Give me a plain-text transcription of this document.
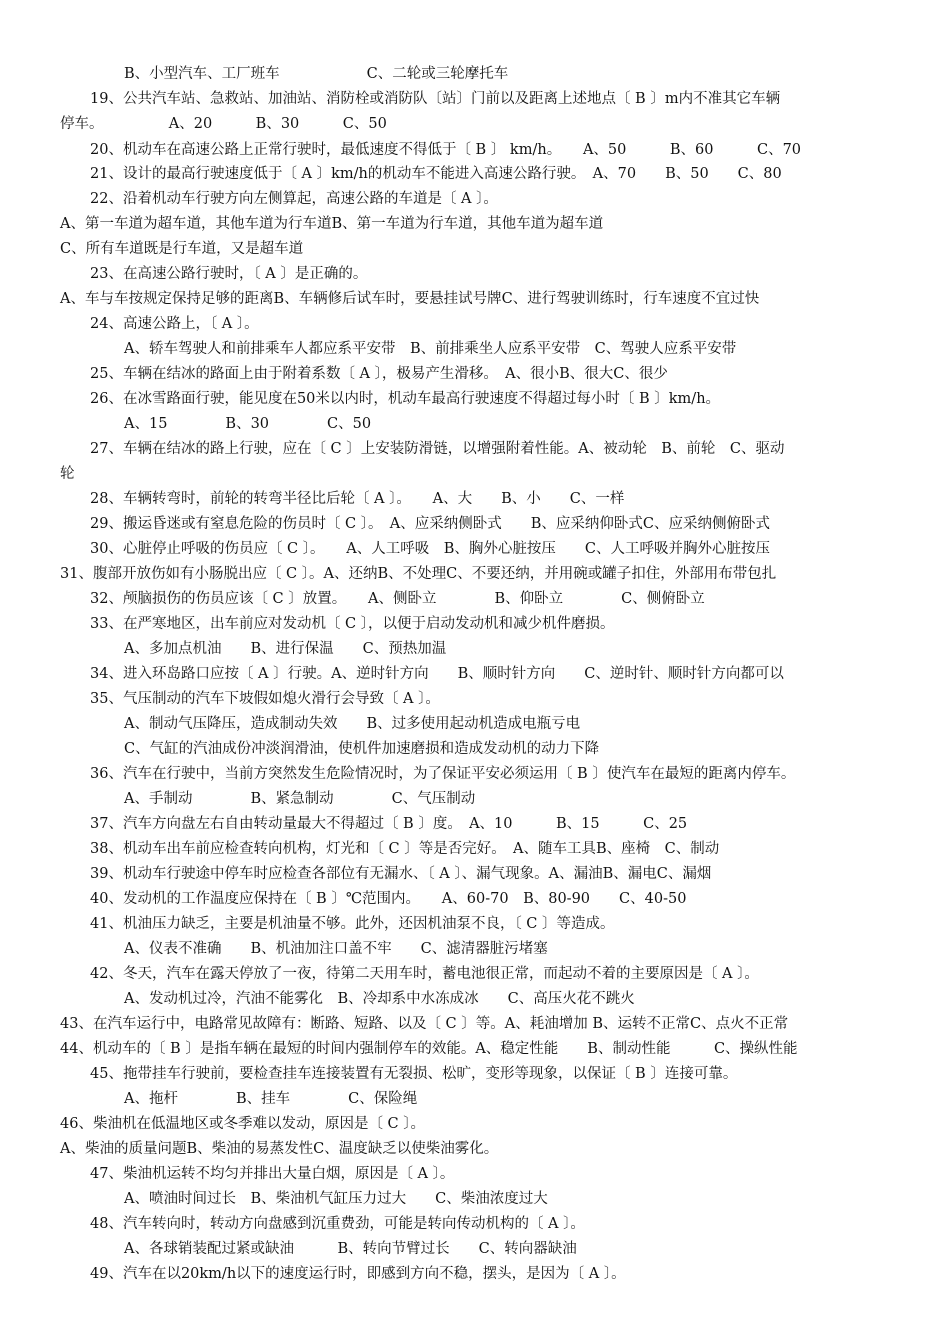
B、小型汽车、工厂班车　　　　　　C、二轮或三轮摩托车
19、公共汽车站、急救站、加油站、消防栓或消防队〔站〕门前以及距离上述地点〔 B 〕m内不准其它车辆
停车。　　　　　A、20　　　B、30　　　C、50
20、机动车在高速公路上正常行驶时，最低速度不得低于〔 B 〕 km/h。　　A、50　　　B、60　　　C、70
21、设计的最高行驶速度低于〔 A 〕km/h的机动车不能进入高速公路行驶。　A、70　　B、50　　C、80
22、沿着机动车行驶方向左侧算起，高速公路的车道是〔 A 〕。
A、第一车道为超车道，其他车道为行车道B、第一车道为行车道，其他车道为超车道
C、所有车道既是行车道，又是超车道
23、在高速公路行驶时，〔 A 〕是正确的。
A、车与车按规定保持足够的距离B、车辆修后试车时，要悬挂试号牌C、进行驾驶训练时，行车速度不宜过快
24、高速公路上，〔 A 〕。
A、轿车驾驶人和前排乘车人都应系平安带　B、前排乘坐人应系平安带　C、驾驶人应系平安带
25、车辆在结冰的路面上由于附着系数〔 A 〕，极易产生滑移。　A、很小B、很大C、很少
26、在冰雪路面行驶，能见度在50米以内时，机动车最高行驶速度不得超过每小时〔 B 〕km/h。
A、15　　　　B、30　　　　C、50
27、车辆在结冰的路上行驶，应在〔 C 〕上安装防滑链，以增强附着性能。A、被动轮　B、前轮　C、驱动
轮
28、车辆转弯时，前轮的转弯半径比后轮〔 A 〕。　　A、大　　B、小　　C、一样
29、搬运昏迷或有窒息危险的伤员时〔 C 〕。　A、应采纳侧卧式　　B、应采纳仰卧式C、应采纳侧俯卧式
30、心脏停止呼吸的伤员应〔 C 〕。　　A、人工呼吸　B、胸外心脏按压　　C、人工呼吸并胸外心脏按压
31、腹部开放伤如有小肠脱出应〔 C 〕。A、还纳B、不处理C、不要还纳，并用碗或罐子扣住，外部用布带包扎
32、颅脑损伤的伤员应该〔 C 〕放置。　　A、侧卧立　　　　B、仰卧立　　　　C、侧俯卧立
33、在严寒地区，出车前应对发动机〔 C 〕，以便于启动发动机和减少机件磨损。
A、多加点机油　　B、进行保温　　C、预热加温
34、进入环岛路口应按〔 A 〕行驶。A、逆时针方向　　B、顺时针方向　　C、逆时针、顺时针方向都可以
35、气压制动的汽车下坡假如熄火滑行会导致〔 A 〕。
A、制动气压降压，造成制动失效　　B、过多使用起动机造成电瓶亏电
C、气缸的汽油成份冲淡润滑油，使机件加速磨损和造成发动机的动力下降
36、汽车在行驶中，当前方突然发生危险情况时，为了保证平安必须运用〔 B 〕使汽车在最短的距离内停车。
A、手制动　　　　B、紧急制动　　　　C、气压制动
37、汽车方向盘左右自由转动量最大不得超过〔 B 〕度。　A、10　　　B、15　　　C、25
38、机动车出车前应检查转向机构，灯光和〔 C 〕等是否完好。　A、随车工具B、座椅　C、制动
39、机动车行驶途中停车时应检查各部位有无漏水、〔 A 〕、漏气现象。A、漏油B、漏电C、漏烟
40、发动机的工作温度应保持在〔 B 〕℃范围内。　　A、60-70　B、80-90　　C、40-50
41、机油压力缺乏，主要是机油量不够。此外，还因机油泵不良，〔 C 〕等造成。
A、仪表不准确　　B、机油加注口盖不牢　　C、滤清器脏污堵塞
42、冬天，汽车在露天停放了一夜，待第二天用车时，蓄电池很正常，而起动不着的主要原因是〔 A 〕。
A、发动机过冷，汽油不能雾化　B、冷却系中水冻成冰　　C、高压火花不跳火
43、在汽车运行中，电路常见故障有：断路、短路、以及〔 C 〕等。A、耗油增加 B、运转不正常C、点火不正常
44、机动车的〔 B 〕是指车辆在最短的时间内强制停车的效能。A、稳定性能　　B、制动性能　　　C、操纵性能
45、拖带挂车行驶前，要检查挂车连接装置有无裂损、松旷，变形等现象，以保证〔 B 〕连接可靠。
A、拖杆　　　　B、挂车　　　　C、保险绳
46、柴油机在低温地区或冬季难以发动，原因是〔 C 〕。
A、柴油的质量问题B、柴油的易蒸发性C、温度缺乏以使柴油雾化。
47、柴油机运转不均匀并排出大量白烟，原因是〔 A 〕。
A、喷油时间过长　B、柴油机气缸压力过大　　C、柴油浓度过大
48、汽车转向时，转动方向盘感到沉重费劲，可能是转向传动机构的〔 A 〕。
A、各球销装配过紧或缺油　　　B、转向节臂过长　　C、转向器缺油
49、汽车在以20km/h以下的速度运行时，即感到方向不稳，摆头，是因为〔 A 〕。
